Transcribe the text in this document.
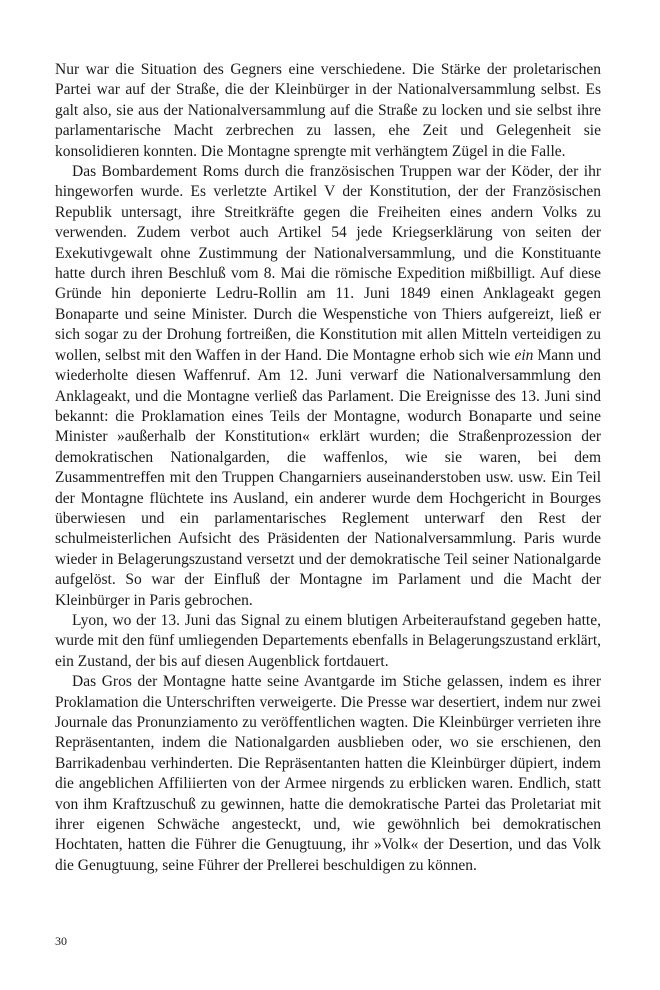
Nur war die Situation des Gegners eine verschiedene. Die Stärke der proletarischen Partei war auf der Straße, die der Kleinbürger in der Nationalversammlung selbst. Es galt also, sie aus der Nationalversammlung auf die Straße zu locken und sie selbst ihre parlamentarische Macht zerbrechen zu lassen, ehe Zeit und Gelegenheit sie konsolidieren konnten. Die Montagne sprengte mit verhängtem Zügel in die Falle.

Das Bombardement Roms durch die französischen Truppen war der Köder, der ihr hingeworfen wurde. Es verletzte Artikel V der Konstitution, der der Französischen Republik untersagt, ihre Streitkräfte gegen die Freiheiten eines andern Volks zu verwenden. Zudem verbot auch Artikel 54 jede Kriegserklärung von seiten der Exekutivgewalt ohne Zustimmung der Nationalversammlung, und die Konstituante hatte durch ihren Beschluß vom 8. Mai die römische Expedition mißbilligt. Auf diese Gründe hin deponierte Ledru-Rollin am 11. Juni 1849 einen Anklageakt gegen Bonaparte und seine Minister. Durch die Wespenstiche von Thiers aufgereizt, ließ er sich sogar zu der Drohung fortreißen, die Konstitution mit allen Mitteln verteidigen zu wollen, selbst mit den Waffen in der Hand. Die Montagne erhob sich wie ein Mann und wiederholte diesen Waffenruf. Am 12. Juni verwarf die Nationalversammlung den Anklageakt, und die Montagne verließ das Parlament. Die Ereignisse des 13. Juni sind bekannt: die Proklamation eines Teils der Montagne, wodurch Bonaparte und seine Minister »außerhalb der Konstitution« erklärt wurden; die Straßenprozession der demokratischen Nationalgarden, die waffenlos, wie sie waren, bei dem Zusammentreffen mit den Truppen Changarniers auseinanderstoben usw. usw. Ein Teil der Montagne flüchtete ins Ausland, ein anderer wurde dem Hochgericht in Bourges überwiesen und ein parlamentarisches Reglement unterwarf den Rest der schulmeisterlichen Aufsicht des Präsidenten der Nationalversammlung. Paris wurde wieder in Belagerungszustand versetzt und der demokratische Teil seiner Nationalgarde aufgelöst. So war der Einfluß der Montagne im Parlament und die Macht der Kleinbürger in Paris gebrochen.

Lyon, wo der 13. Juni das Signal zu einem blutigen Arbeiteraufstand gegeben hatte, wurde mit den fünf umliegenden Departements ebenfalls in Belagerungszustand erklärt, ein Zustand, der bis auf diesen Augenblick fortdauert.

Das Gros der Montagne hatte seine Avantgarde im Stiche gelassen, indem es ihrer Proklamation die Unterschriften verweigerte. Die Presse war desertiert, indem nur zwei Journale das Pronunziamento zu veröffentlichen wagten. Die Kleinbürger verrieten ihre Repräsentanten, indem die Nationalgarden ausblieben oder, wo sie erschienen, den Barrikadenbau verhinderten. Die Repräsentanten hatten die Kleinbürger düpiert, indem die angeblichen Affiliierten von der Armee nirgends zu erblicken waren. Endlich, statt von ihm Kraftzuschuß zu gewinnen, hatte die demokratische Partei das Proletariat mit ihrer eigenen Schwäche angesteckt, und, wie gewöhnlich bei demokratischen Hochtaten, hatten die Führer die Genugtuung, ihr »Volk« der Desertion, und das Volk die Genugtuung, seine Führer der Prellerei beschuldigen zu können.

30
